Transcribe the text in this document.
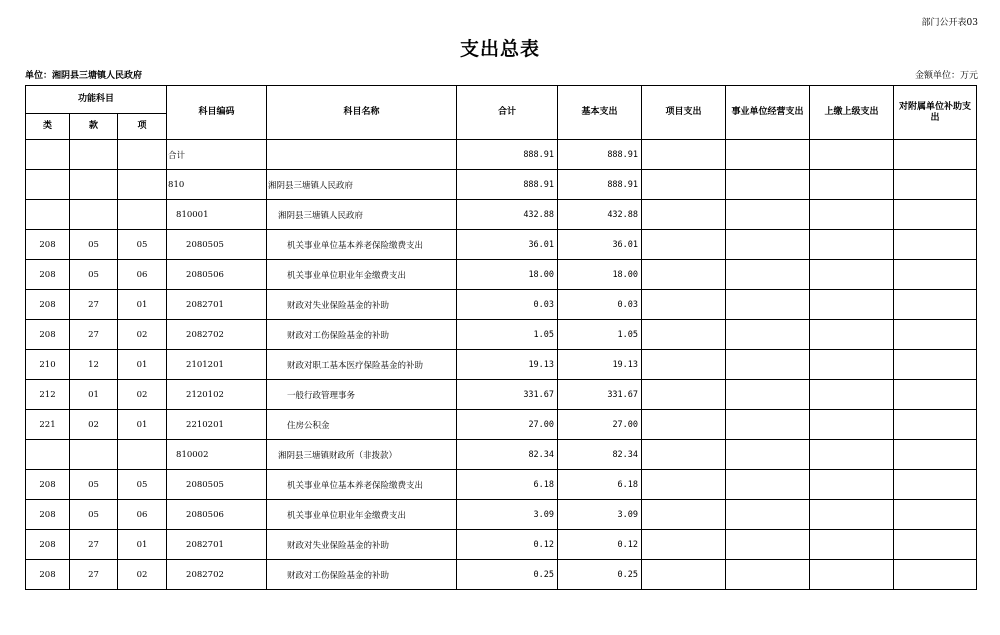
部门公开表03
支出总表
单位：湘阴县三塘镇人民政府	金额单位：万元
功能科目			科目编码	科目名称	合计	基本支出	项目支出	事业单位经营支出	上缴上级支出	对附属单位补助支出
类	款	项								
			合计		888.91	888.91				
			810	湘阴县三塘镇人民政府	888.91	888.91				
			810001	湘阴县三塘镇人民政府	432.88	432.88				
208	05	05	2080505	机关事业单位基本养老保险缴费支出	36.01	36.01				
208	05	06	2080506	机关事业单位职业年金缴费支出	18.00	18.00				
208	27	01	2082701	财政对失业保险基金的补助	0.03	0.03				
208	27	02	2082702	财政对工伤保险基金的补助	1.05	1.05				
210	12	01	2101201	财政对职工基本医疗保险基金的补助	19.13	19.13				
212	01	02	2120102	一般行政管理事务	331.67	331.67				
221	02	01	2210201	住房公积金	27.00	27.00				
			810002	湘阴县三塘镇财政所（非拨款）	82.34	82.34				
208	05	05	2080505	机关事业单位基本养老保险缴费支出	6.18	6.18				
208	05	06	2080506	机关事业单位职业年金缴费支出	3.09	3.09				
208	27	01	2082701	财政对失业保险基金的补助	0.12	0.12				
208	27	02	2082702	财政对工伤保险基金的补助	0.25	0.25				
